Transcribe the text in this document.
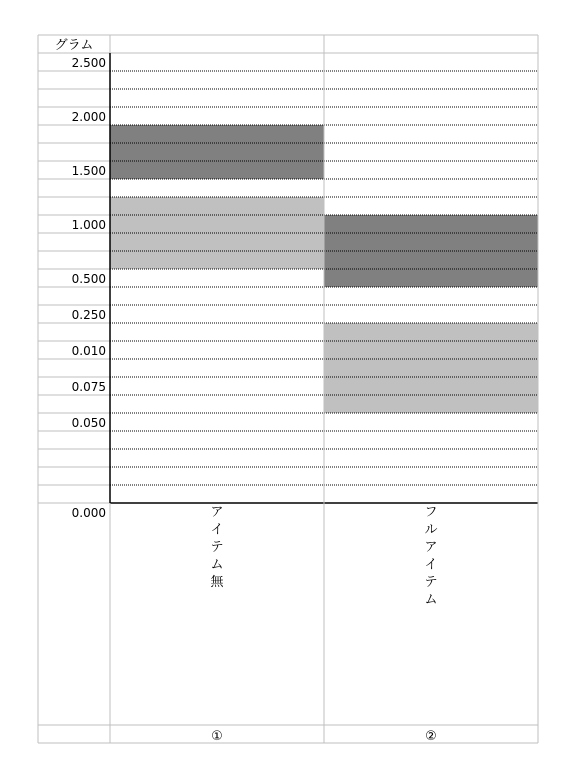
グラム
2.500
2.000
1.500
1.000
0.500
0.250
0.010
0.075
0.050
0.000	ア
イ
テ
ム
無
①
フ
ル
ア
イ
テ
ム
②
